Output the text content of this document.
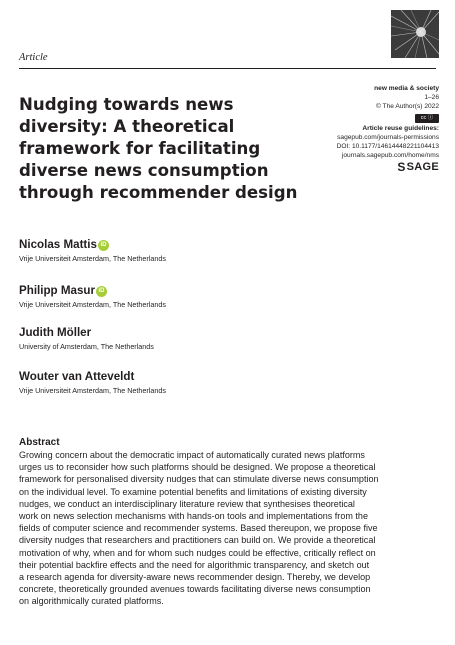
Article
Nudging towards news
diversity: A theoretical
framework for facilitating
diverse news consumption
through recommender design
new media & society
1–26
© The Author(s) 2022
cc ⓘ
Article reuse guidelines:
sagepub.com/journals-permissions
DOI: 10.1177/14614448221104413
journals.sagepub.com/home/nms
S SAGE
Nicolas Mattis iD
Vrije Universiteit Amsterdam, The Netherlands
Philipp Masur iD
Vrije Universiteit Amsterdam, The Netherlands
Judith Möller
University of Amsterdam, The Netherlands
Wouter van Atteveldt
Vrije Universiteit Amsterdam, The Netherlands
Abstract
Growing concern about the democratic impact of automatically curated news platforms
urges us to reconsider how such platforms should be designed. We propose a theoretical
framework for personalised diversity nudges that can stimulate diverse news consumption
on the individual level. To examine potential benefits and limitations of existing diversity
nudges, we conduct an interdisciplinary literature review that synthesises theoretical
work on news selection mechanisms with hands-on tools and implementations from the
fields of computer science and recommender systems. Based thereupon, we propose five
diversity nudges that researchers and practitioners can build on. We provide a theoretical
motivation of why, when and for whom such nudges could be effective, critically reflect on
their potential backfire effects and the need for algorithmic transparency, and sketch out
a research agenda for diversity-aware news recommender design. Thereby, we develop
concrete, theoretically grounded avenues towards facilitating diverse news consumption
on algorithmically curated platforms.
